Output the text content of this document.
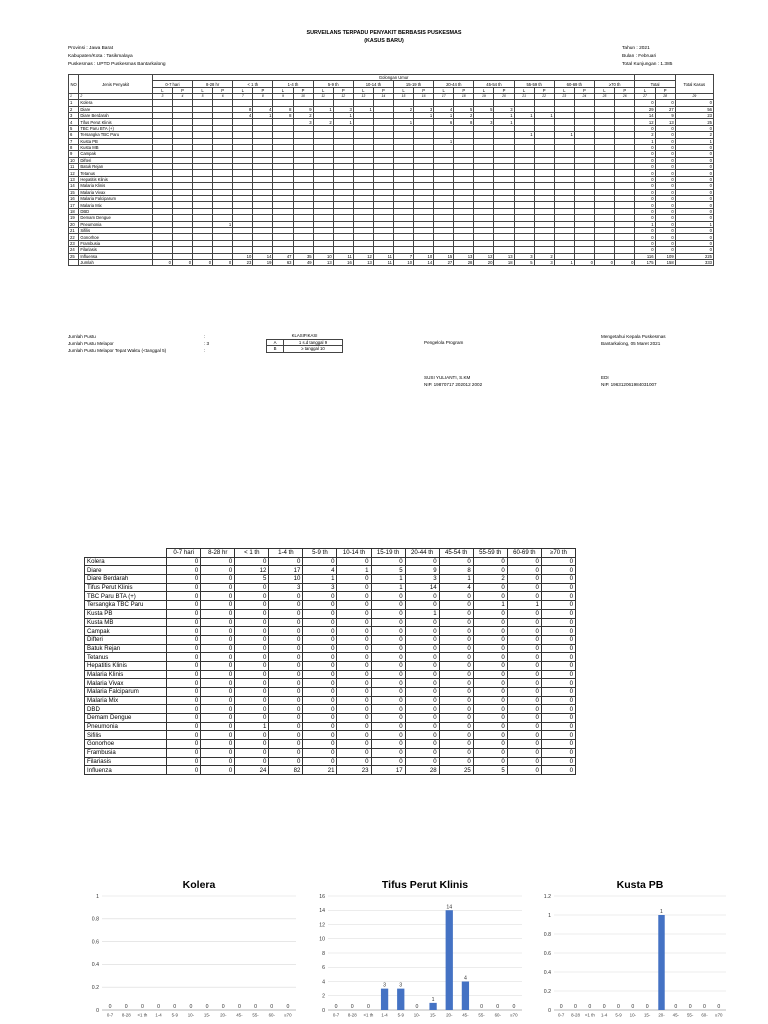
SURVEILANS TERPADU PENYAKIT BERBASIS PUSKESMAS
(KASUS BARU)
Provinsi : Jawa Barat
Kabupaten/Kota : Tasikmalaya
Puskesmas : UPTD Puskesmas Bantarkalong
Tahun : 2021
Bulan : Februari
Total Kunjungan : 1.385
NO	Jenis Penyakit	Golongan Umur																										Total Kasus
		0-7 hari		8-28 hr		< 1 th		1-4 th		5-9 th		10-14 th		15-19 th		20-44 th		45-54 th		55-59 th		60-69 th		≥70 th		Total		
		L	P	L	P	L	P	L	P	L	P	L	P	L	P	L	P	L	P	L	P	L	P	L	P	L	P	
1	2	3	4	5	6	7	8	9	10	11	12	13	14	15	16	17	18	19	20	21	22	23	24	25	26	27	28	29
1	Kolera																									0	0	0
2	Diare					8	4	8	9	1	3	1		2	3	4	5	5	3							29	27	56
3	Diare Berdarah					4	1	8	2		1				1	1	2		1	1	1					14	9	23
4	Tifus Perut Klinis								3	2	1			1		6	8	3	1							12	13	25
5	TBC Paru BTA (+)																									0	0	0
6	Tersangka TBC Paru																			1		1				2	0	2
7	Kusta PB															1										1	0	1
8	Kusta MB																									0	0	0
9	Campak																									0	0	0
10	Difteri																									0	0	0
11	Batuk Rejan																									0	0	0
12	Tetanus																									0	0	0
13	Hepatitis Klinis																									0	0	0
14	Malaria Klinis																									0	0	0
15	Malaria Vivax																									0	0	0
16	Malaria Falciparum																									0	0	0
17	Malaria Mix																									0	0	0
18	DBD																									0	0	0
19	Demam Dengue																									0	0	0
20	Pneumonia				1																					1	0	1
21	Sifilis																									0	0	0
22	Gonorhoe																									0	0	0
23	Frambusia																									0	0	0
24	Filariasis																									0	0	0
25	Influensa					10	14	47	35	10	11	12	11	7	10	15	13	12	13	3	2					116	109	225
	Jumlah	0	0	0	0	23	19	63	49	13	16	13	11	10	14	27	28	20	18	5	3	1	0	0	0	175	158	333
Jumlah Pustu	:
Jumlah Pustu Melapor	: 3
Jumlah Pustu Melapor Tepat Waktu (<tanggal 5)	:
KLASIFIKASI	
A	1 s.d tanggal 9
B	≥ tanggal 10
Pengelola Program
Mengetahui Kepala Puskesmas
Bantarkalong, 05 Maret 2021
SUSI YULIANTI, S.KM
NIP. 19870717 202012 2002
EDI
NIP. 196312061984031007
	0-7 hari	8-28 hr	< 1 th	1-4 th	5-9 th	10-14 th	15-19 th	20-44 th	45-54 th	55-59 th	60-69 th	≥70 th
Kolera	0	0	0	0	0	0	0	0	0	0	0	0
Diare	0	0	12	17	4	1	5	9	8	0	0	0
Diare Berdarah	0	0	5	10	1	0	1	3	1	2	0	0
Tifus Perut Klinis	0	0	0	3	3	0	1	14	4	0	0	0
TBC Paru BTA (+)	0	0	0	0	0	0	0	0	0	0	0	0
Tersangka TBC Paru	0	0	0	0	0	0	0	0	0	1	1	0
Kusta PB	0	0	0	0	0	0	0	1	0	0	0	0
Kusta MB	0	0	0	0	0	0	0	0	0	0	0	0
Campak	0	0	0	0	0	0	0	0	0	0	0	0
Difteri	0	0	0	0	0	0	0	0	0	0	0	0
Batuk Rejan	0	0	0	0	0	0	0	0	0	0	0	0
Tetanus	0	0	0	0	0	0	0	0	0	0	0	0
Hepatitis Klinis	0	0	0	0	0	0	0	0	0	0	0	0
Malaria Klinis	0	0	0	0	0	0	0	0	0	0	0	0
Malaria Vivax	0	0	0	0	0	0	0	0	0	0	0	0
Malaria Falciparum	0	0	0	0	0	0	0	0	0	0	0	0
Malaria Mix	0	0	0	0	0	0	0	0	0	0	0	0
DBD	0	0	0	0	0	0	0	0	0	0	0	0
Demam Dengue	0	0	0	0	0	0	0	0	0	0	0	0
Pneumonia	0	0	1	0	0	0	0	0	0	0	0	0
Sifilis	0	0	0	0	0	0	0	0	0	0	0	0
Gonorhoe	0	0	0	0	0	0	0	0	0	0	0	0
Frambusia	0	0	0	0	0	0	0	0	0	0	0	0
Filariasis	0	0	0	0	0	0	0	0	0	0	0	0
Influenza	0	0	24	82	21	23	17	28	25	5	0	0
Kolera
0
0.2
0.4
0.6
0.8
1
0
0-7
0
8-28
0
<1 th
0
1-4
0
5-9
0
10-
0
15-
0
20-
0
45-
0
55-
0
60-
0
≥70
Tifus Perut Klinis
0
2
4
6
8
10
12
14
16
0
0-7
0
8-28
0
<1 th
3
1-4
3
5-9
0
10-
1
15-
14
20-
4
45-
0
55-
0
60-
0
≥70
Kusta PB
0
0.2
0.4
0.6
0.8
1
1.2
0
0-7
0
8-28
0
<1 th
0
1-4
0
5-9
0
10-
0
15-
1
20-
0
45-
0
55-
0
60-
0
≥70
